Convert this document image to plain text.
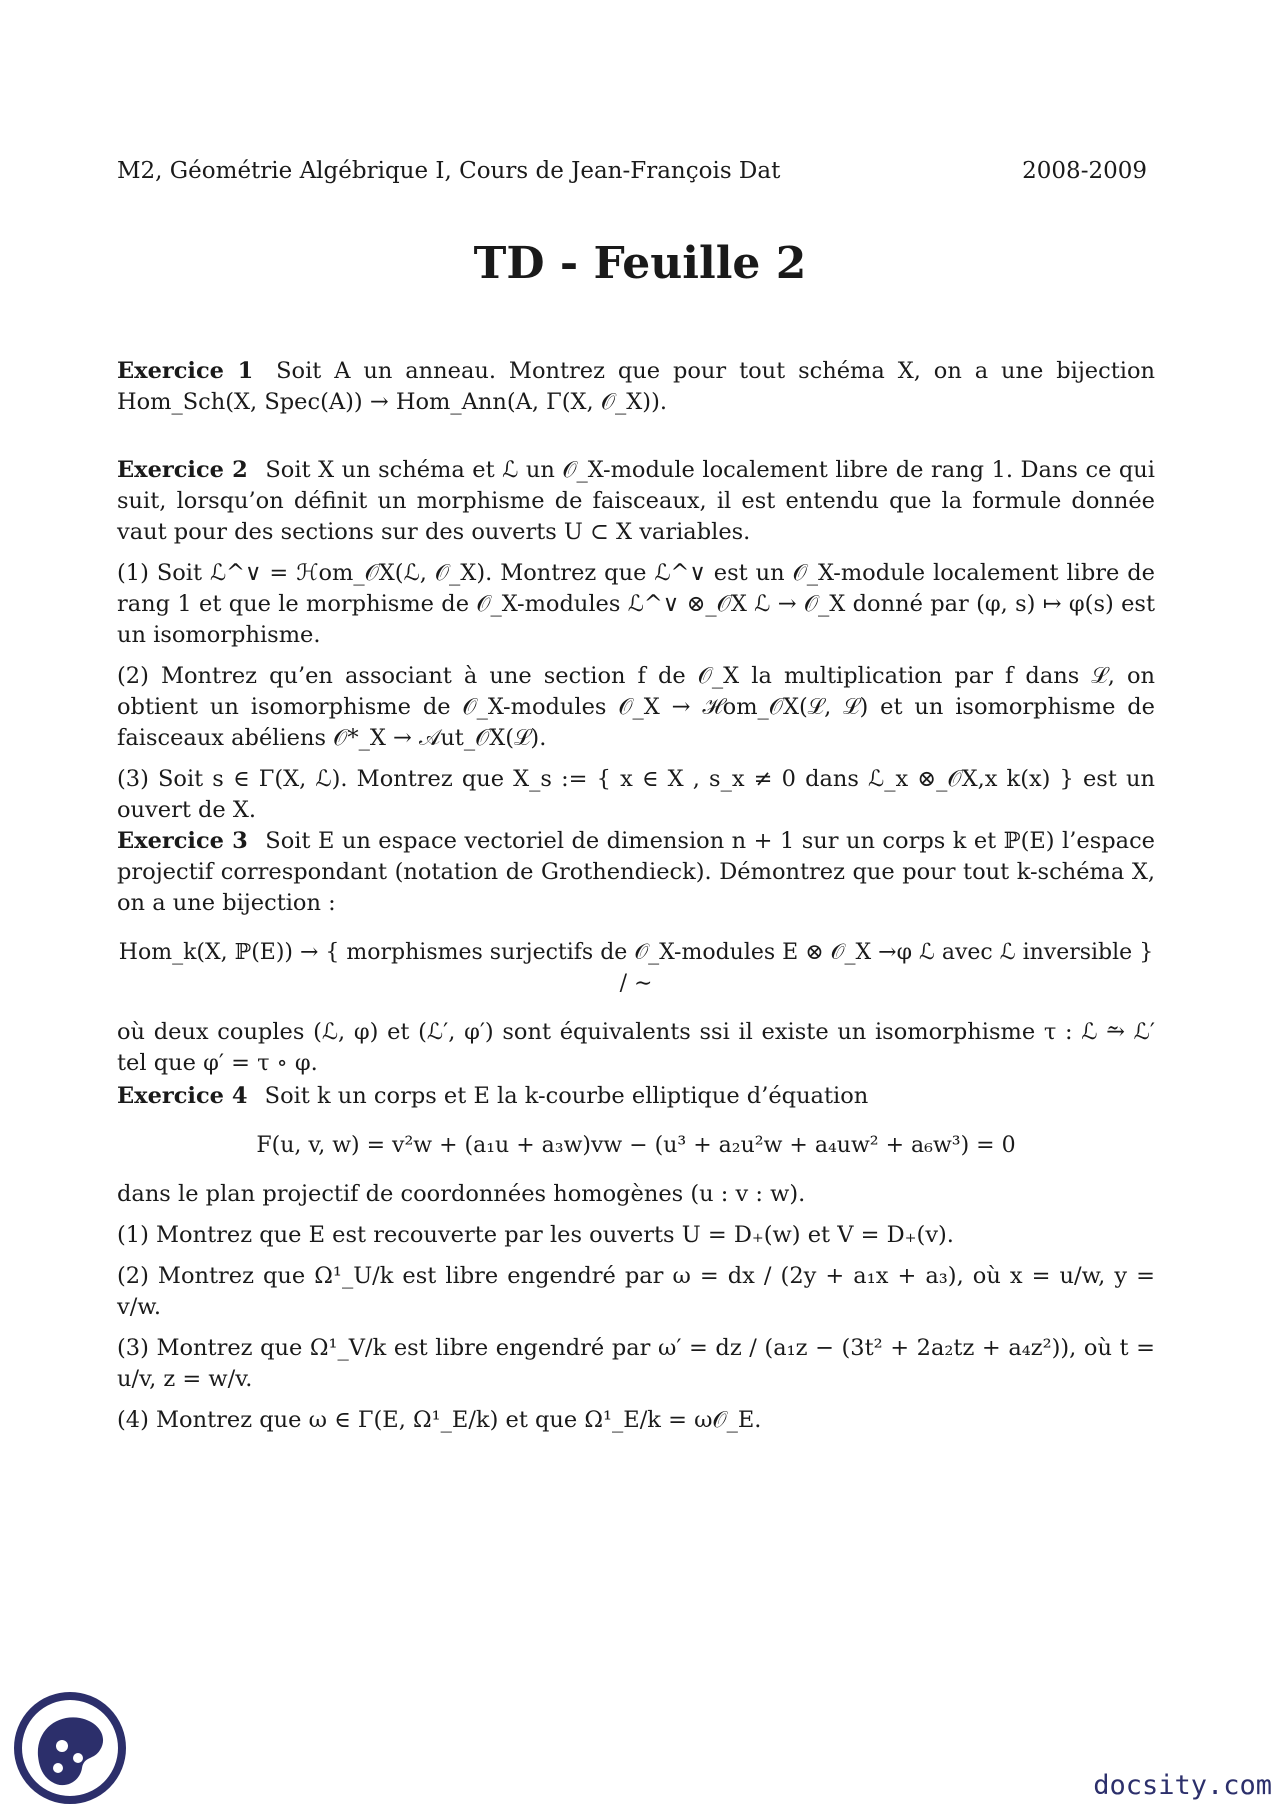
M2, Géométrie Algébrique I, Cours de Jean-François Dat	2008-2009
TD - Feuille 2
Exercice 1 Soit A un anneau. Montrez que pour tout schéma X, on a une bijection Hom_Sch(X, Spec(A)) → Hom_Ann(A, Γ(X, 𝒪_X)).
Exercice 2 Soit X un schéma et ℒ un 𝒪_X-module localement libre de rang 1. Dans ce qui suit, lorsqu’on définit un morphisme de faisceaux, il est entendu que la formule donnée vaut pour des sections sur des ouverts U ⊂ X variables.
(1) Soit ℒ^∨ = ℋom_𝒪X(ℒ, 𝒪_X). Montrez que ℒ^∨ est un 𝒪_X-module localement libre de rang 1 et que le morphisme de 𝒪_X-modules ℒ^∨ ⊗_𝒪X ℒ → 𝒪_X donné par (φ, s) ↦ φ(s) est un isomorphisme.
(2) Montrez qu’en associant à une section f de 𝒪_X la multiplication par f dans ℒ, on obtient un isomorphisme de 𝒪_X-modules 𝒪_X → ℋom_𝒪X(ℒ, ℒ) et un isomorphisme de faisceaux abéliens 𝒪*_X → 𝒜ut_𝒪X(ℒ).
(3) Soit s ∈ Γ(X, ℒ). Montrez que X_s := { x ∈ X , s_x ≠ 0 dans ℒ_x ⊗_𝒪X,x k(x) } est un ouvert de X.
Exercice 3 Soit E un espace vectoriel de dimension n + 1 sur un corps k et ℙ(E) l’espace projectif correspondant (notation de Grothendieck). Démontrez que pour tout k-schéma X, on a une bijection :
Hom_k(X, ℙ(E)) → { morphismes surjectifs de 𝒪_X-modules E ⊗ 𝒪_X →φ ℒ avec ℒ inversible } / ∼
où deux couples (ℒ, φ) et (ℒ′, φ′) sont équivalents ssi il existe un isomorphisme τ : ℒ ⥲ ℒ′ tel que φ′ = τ ∘ φ.
Exercice 4 Soit k un corps et E la k-courbe elliptique d’équation
F(u, v, w) = v²w + (a₁u + a₃w)vw − (u³ + a₂u²w + a₄uw² + a₆w³) = 0
dans le plan projectif de coordonnées homogènes (u : v : w).
(1) Montrez que E est recouverte par les ouverts U = D₊(w) et V = D₊(v).
(2) Montrez que Ω¹_U/k est libre engendré par ω = dx / (2y + a₁x + a₃), où x = u/w, y = v/w.
(3) Montrez que Ω¹_V/k est libre engendré par ω′ = dz / (a₁z − (3t² + 2a₂tz + a₄z²)), où t = u/v, z = w/v.
(4) Montrez que ω ∈ Γ(E, Ω¹_E/k) et que Ω¹_E/k = ω𝒪_E.
docsity.com
